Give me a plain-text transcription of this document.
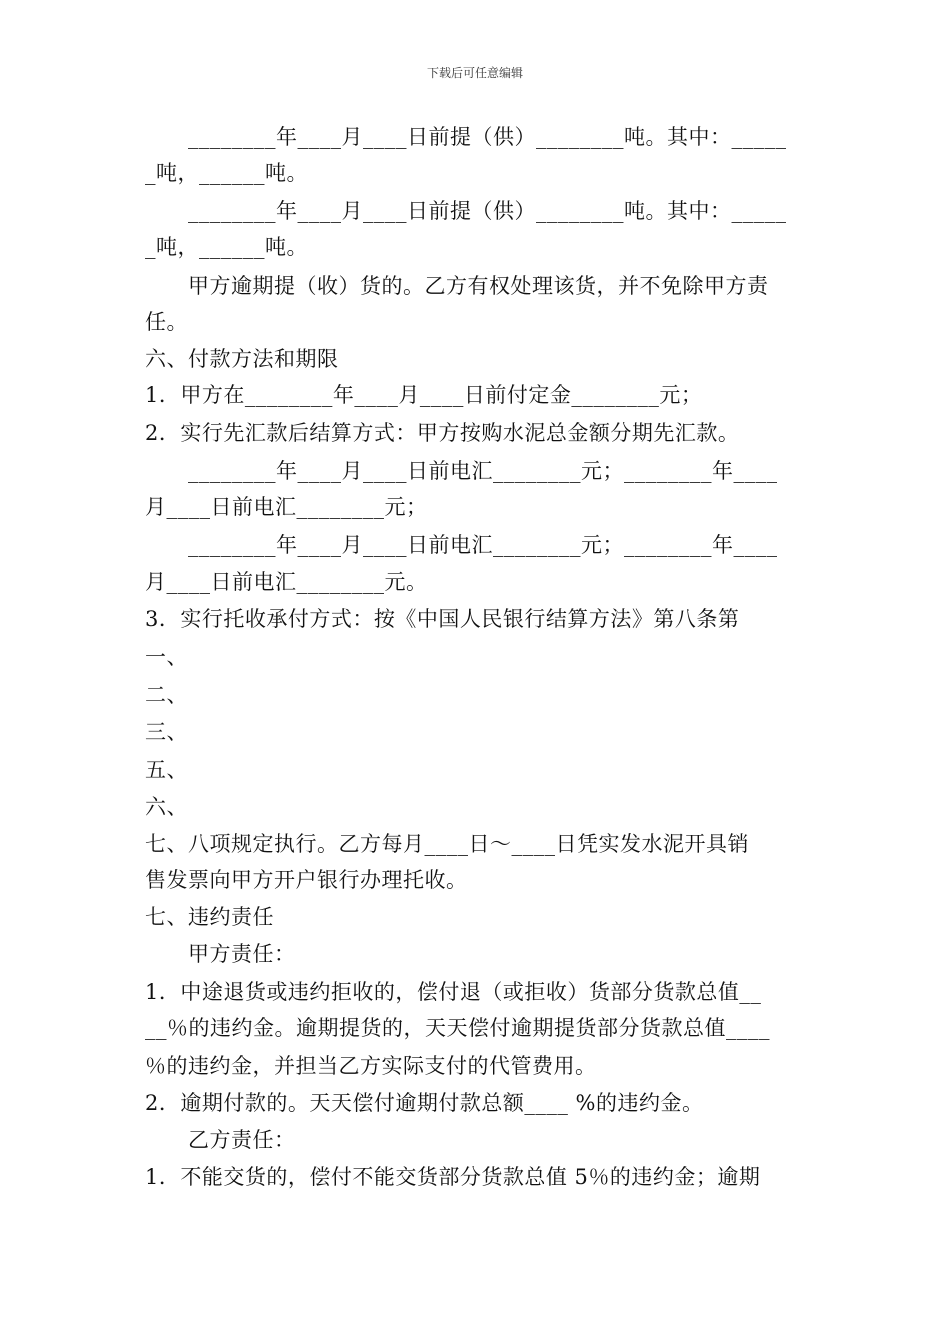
下载后可任意编辑
　　________年____月____日前提（供）________吨。其中：_____
_吨，______吨。
　　________年____月____日前提（供）________吨。其中：_____
_吨，______吨。
　　甲方逾期提（收）货的。乙方有权处理该货，并不免除甲方责
任。
六、付款方法和期限
1．甲方在________年____月____日前付定金________元；
2．实行先汇款后结算方式：甲方按购水泥总金额分期先汇款。
　　________年____月____日前电汇________元；________年____
月____日前电汇________元；
　　________年____月____日前电汇________元；________年____
月____日前电汇________元。
3．实行托收承付方式：按《中国人民银行结算方法》第八条第
一、
二、
三、
五、
六、
七、八项规定执行。乙方每月____日～____日凭实发水泥开具销
售发票向甲方开户银行办理托收。
七、违约责任
　　甲方责任：
1．中途退货或违约拒收的，偿付退（或拒收）货部分货款总值__
__％的违约金。逾期提货的，天天偿付逾期提货部分货款总值____
％的违约金，并担当乙方实际支付的代管费用。
2．逾期付款的。天天偿付逾期付款总额____ %的违约金。
　　乙方责任：
1．不能交货的，偿付不能交货部分货款总值 5％的违约金；逾期
